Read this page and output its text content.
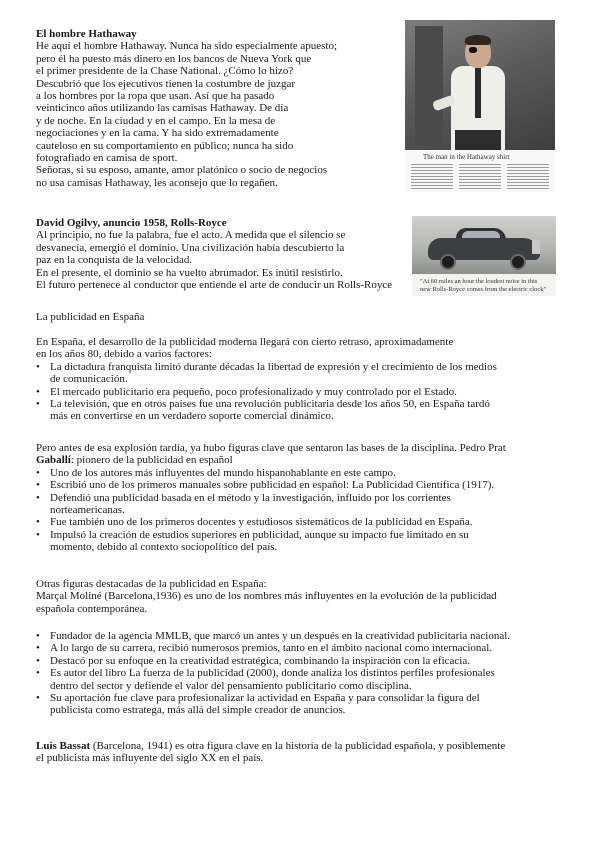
El hombre Hathaway
He aquí el hombre Hathaway. Nunca ha sido especialmente apuesto;
pero él ha puesto más dinero en los bancos de Nueva York que
el primer presidente de la Chase National. ¿Cómo lo hizo?
Descubrió que los ejecutivos tienen la costumbre de juzgar
a los hombres por la ropa que usan. Así que ha pasado
veinticinco años utilizando las camisas Hathaway. De día
y de noche. En la ciudad y en el campo. En la mesa de
negociaciones y en la cama. Y ha sido extremadamente
cauteloso en su comportamiento en público; nunca ha sido
fotografiado en camisa de sport.
Señoras, si su esposo, amante, amor platónico o socio de negocios
no usa camisas Hathaway, les aconsejo que lo regañen.
The man in the Hathaway shirt
David Ogilvy, anuncio 1958, Rolls-Royce
Al principio, no fue la palabra, fue el acto. A medida que el silencio se
desvanecía, emergió el dominio. Una civilización había descubierto la
paz en la conquista de la velocidad.
En el presente, el dominio se ha vuelto abrumador. Es inútil resistirlo.
El futuro pertenece al conductor que entiende el arte de conducir un Rolls-Royce	"At 60 miles an hour the loudest noise in this
new Rolls-Royce comes from the electric clock"
La publicidad en España
En España, el desarrollo de la publicidad moderna llegará con cierto retraso, aproximadamente
en los años 80, debido a varios factores:
• La dictadura franquista limitó durante décadas la libertad de expresión y el crecimiento de los medios
de comunicación.
• El mercado publicitario era pequeño, poco profesionalizado y muy controlado por el Estado.
• La televisión, que en otros países fue una revolución publicitaria desde los años 50, en España tardó
más en convertirse en un verdadero soporte comercial dinámico.
Pero antes de esa explosión tardía, ya hubo figuras clave que sentaron las bases de la disciplina. Pedro Prat
Gaballí: pionero de la publicidad en español
• Uno de los autores más influyentes del mundo hispanohablante en este campo.
• Escribió uno de los primeros manuales sobre publicidad en español: La Publicidad Científica (1917).
• Defendió una publicidad basada en el método y la investigación, influido por los corrientes
norteamericanas.
• Fue también uno de los primeros docentes y estudiosos sistemáticos de la publicidad en España.
• Impulsó la creación de estudios superiores en publicidad, aunque su impacto fue limitado en su
momento, debido al contexto sociopolítico del país.
Otras figuras destacadas de la publicidad en España:
Marçal Moliné (Barcelona,1936) es uno de los nombres más influyentes en la evolución de la publicidad
española contemporánea.
• Fundador de la agencia MMLB, que marcó un antes y un después en la creatividad publicitaria nacional.
• A lo largo de su carrera, recibió numerosos premios, tanto en el ámbito nacional como internacional.
• Destacó por su enfoque en la creatividad estratégica, combinando la inspiración con la eficacia.
• Es autor del libro La fuerza de la publicidad (2000), donde analiza los distintos perfiles profesionales
dentro del sector y defiende el valor del pensamiento publicitario como disciplina.
• Su aportación fue clave para profesionalizar la actividad en España y para consolidar la figura del
publicista como estratega, más allá del simple creador de anuncios.
Luis Bassat (Barcelona, 1941) es otra figura clave en la historia de la publicidad española, y posiblemente
el publicista más influyente del siglo XX en el país.
